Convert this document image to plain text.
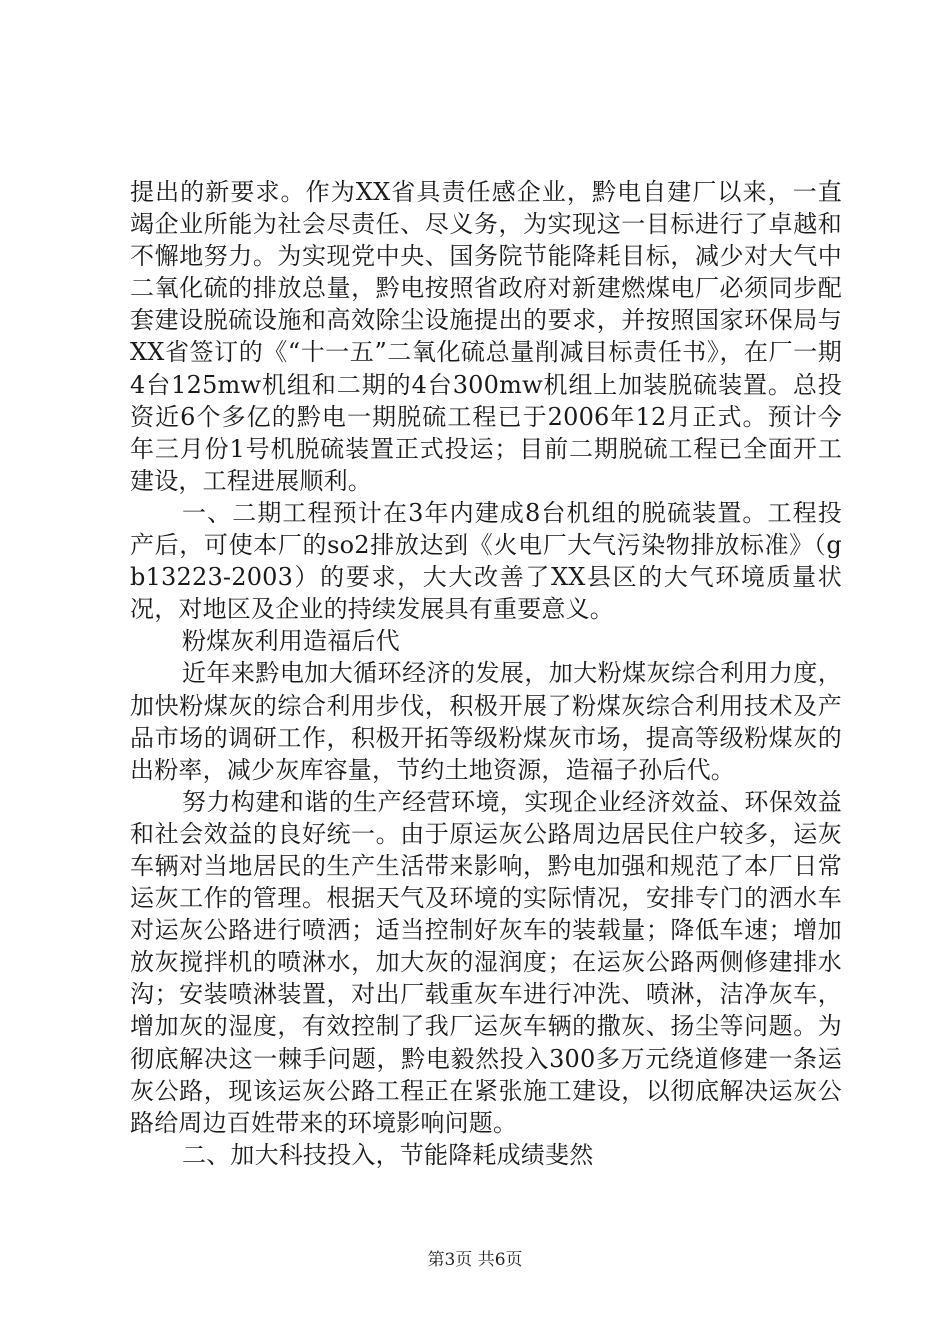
提出的新要求。作为XX省具责任感企业，黔电自建厂以来，一直竭企业所能为社会尽责任、尽义务，为实现这一目标进行了卓越和不懈地努力。为实现党中央、国务院节能降耗目标，减少对大气中二氧化硫的排放总量，黔电按照省政府对新建燃煤电厂必须同步配套建设脱硫设施和高效除尘设施提出的要求，并按照国家环保局与XX省签订的《“十一五”二氧化硫总量削减目标责任书》，在厂一期4台125mw机组和二期的4台300mw机组上加装脱硫装置。总投资近6个多亿的黔电一期脱硫工程已于2006年12月正式。预计今年三月份1号机脱硫装置正式投运；目前二期脱硫工程已全面开工建设，工程进展顺利。

一、二期工程预计在3年内建成8台机组的脱硫装置。工程投产后，可使本厂的so2排放达到《火电厂大气污染物排放标准》（gb13223-2003）的要求，大大改善了XX县区的大气环境质量状况，对地区及企业的持续发展具有重要意义。

粉煤灰利用造福后代

近年来黔电加大循环经济的发展，加大粉煤灰综合利用力度，加快粉煤灰的综合利用步伐，积极开展了粉煤灰综合利用技术及产品市场的调研工作，积极开拓等级粉煤灰市场，提高等级粉煤灰的出粉率，减少灰库容量，节约土地资源，造福子孙后代。

努力构建和谐的生产经营环境，实现企业经济效益、环保效益和社会效益的良好统一。由于原运灰公路周边居民住户较多，运灰车辆对当地居民的生产生活带来影响，黔电加强和规范了本厂日常运灰工作的管理。根据天气及环境的实际情况，安排专门的洒水车对运灰公路进行喷洒；适当控制好灰车的装载量；降低车速；增加放灰搅拌机的喷淋水，加大灰的湿润度；在运灰公路两侧修建排水沟；安装喷淋装置，对出厂载重灰车进行冲洗、喷淋，洁净灰车，增加灰的湿度，有效控制了我厂运灰车辆的撒灰、扬尘等问题。为彻底解决这一棘手问题，黔电毅然投入300多万元绕道修建一条运灰公路，现该运灰公路工程正在紧张施工建设，以彻底解决运灰公路给周边百姓带来的环境影响问题。

二、加大科技投入，节能降耗成绩斐然

第3页 共6页
